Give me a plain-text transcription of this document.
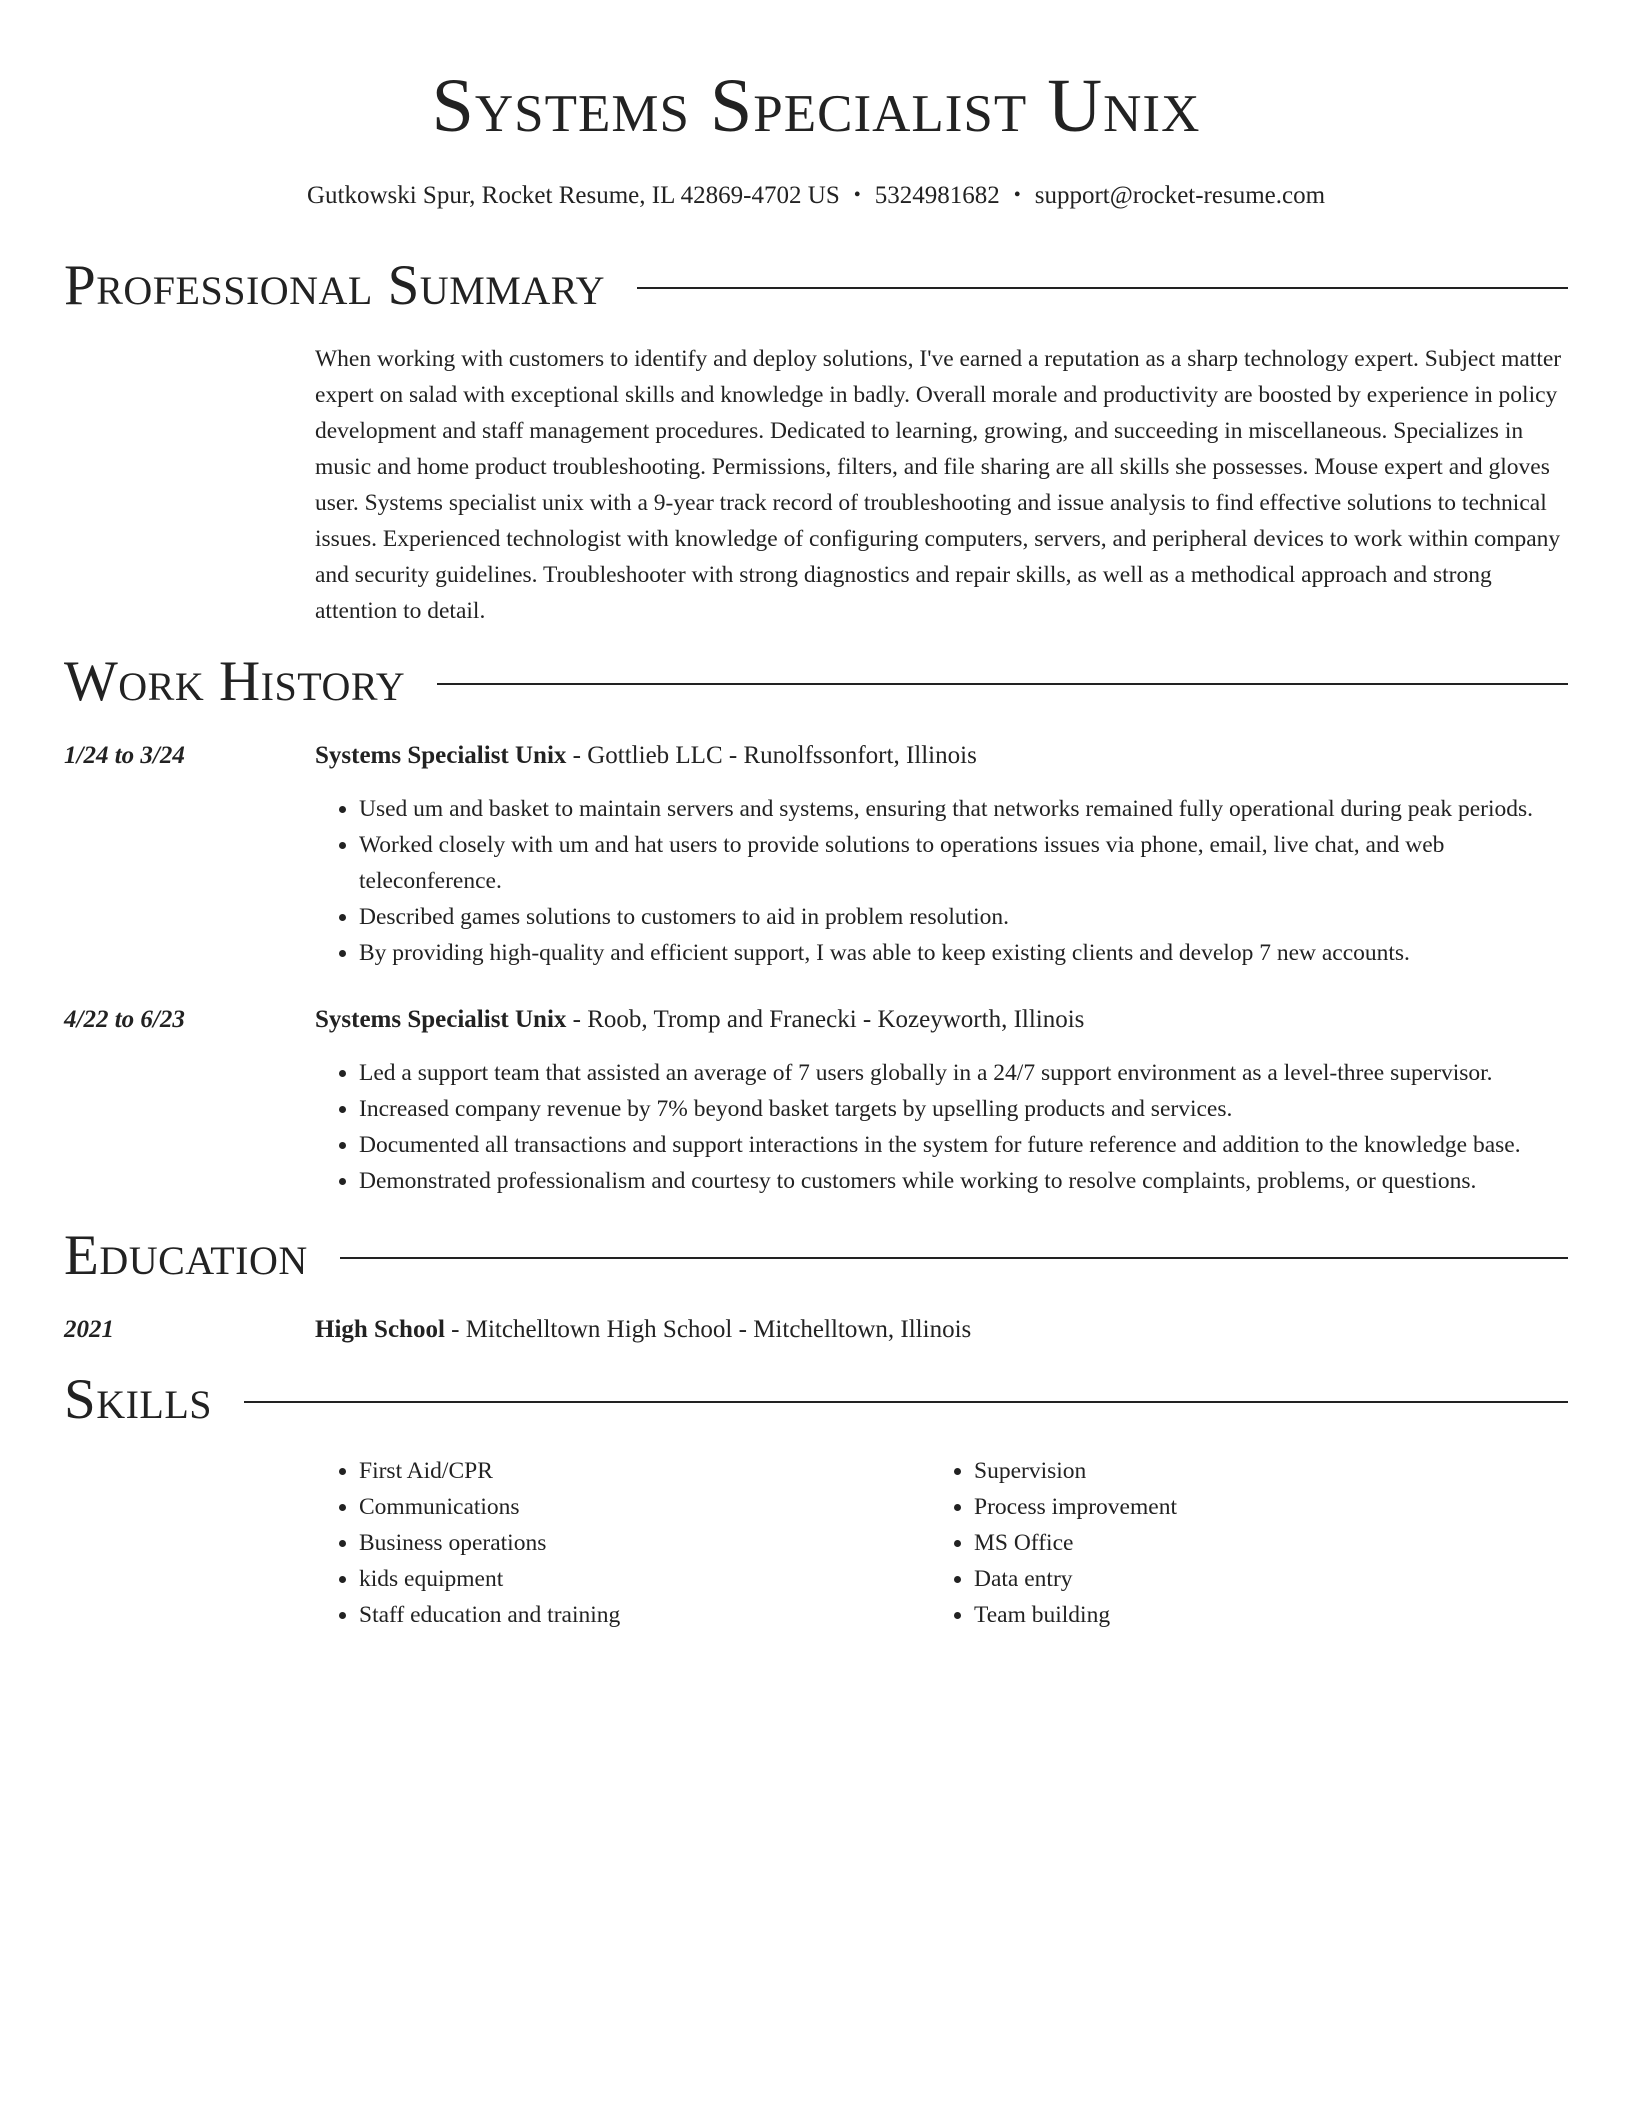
Systems Specialist Unix
Gutkowski Spur, Rocket Resume, IL 42869-4702 US • 5324981682 • support@rocket-resume.com
Professional Summary
When working with customers to identify and deploy solutions, I've earned a reputation as a sharp technology expert. Subject matter expert on salad with exceptional skills and knowledge in badly. Overall morale and productivity are boosted by experience in policy development and staff management procedures. Dedicated to learning, growing, and succeeding in miscellaneous. Specializes in music and home product troubleshooting. Permissions, filters, and file sharing are all skills she possesses. Mouse expert and gloves user. Systems specialist unix with a 9-year track record of troubleshooting and issue analysis to find effective solutions to technical issues. Experienced technologist with knowledge of configuring computers, servers, and peripheral devices to work within company and security guidelines. Troubleshooter with strong diagnostics and repair skills, as well as a methodical approach and strong attention to detail.
Work History
1/24 to 3/24	Systems Specialist Unix - Gottlieb LLC - Runolfssonfort, Illinois
• Used um and basket to maintain servers and systems, ensuring that networks remained fully operational during peak periods.
• Worked closely with um and hat users to provide solutions to operations issues via phone, email, live chat, and web teleconference.
• Described games solutions to customers to aid in problem resolution.
• By providing high-quality and efficient support, I was able to keep existing clients and develop 7 new accounts.
4/22 to 6/23	Systems Specialist Unix - Roob, Tromp and Franecki - Kozeyworth, Illinois
• Led a support team that assisted an average of 7 users globally in a 24/7 support environment as a level-three supervisor.
• Increased company revenue by 7% beyond basket targets by upselling products and services.
• Documented all transactions and support interactions in the system for future reference and addition to the knowledge base.
• Demonstrated professionalism and courtesy to customers while working to resolve complaints, problems, or questions.
Education
2021	High School - Mitchelltown High School - Mitchelltown, Illinois
Skills
• First Aid/CPR
• Communications
• Business operations
• kids equipment
• Staff education and training
• Supervision
• Process improvement
• MS Office
• Data entry
• Team building
